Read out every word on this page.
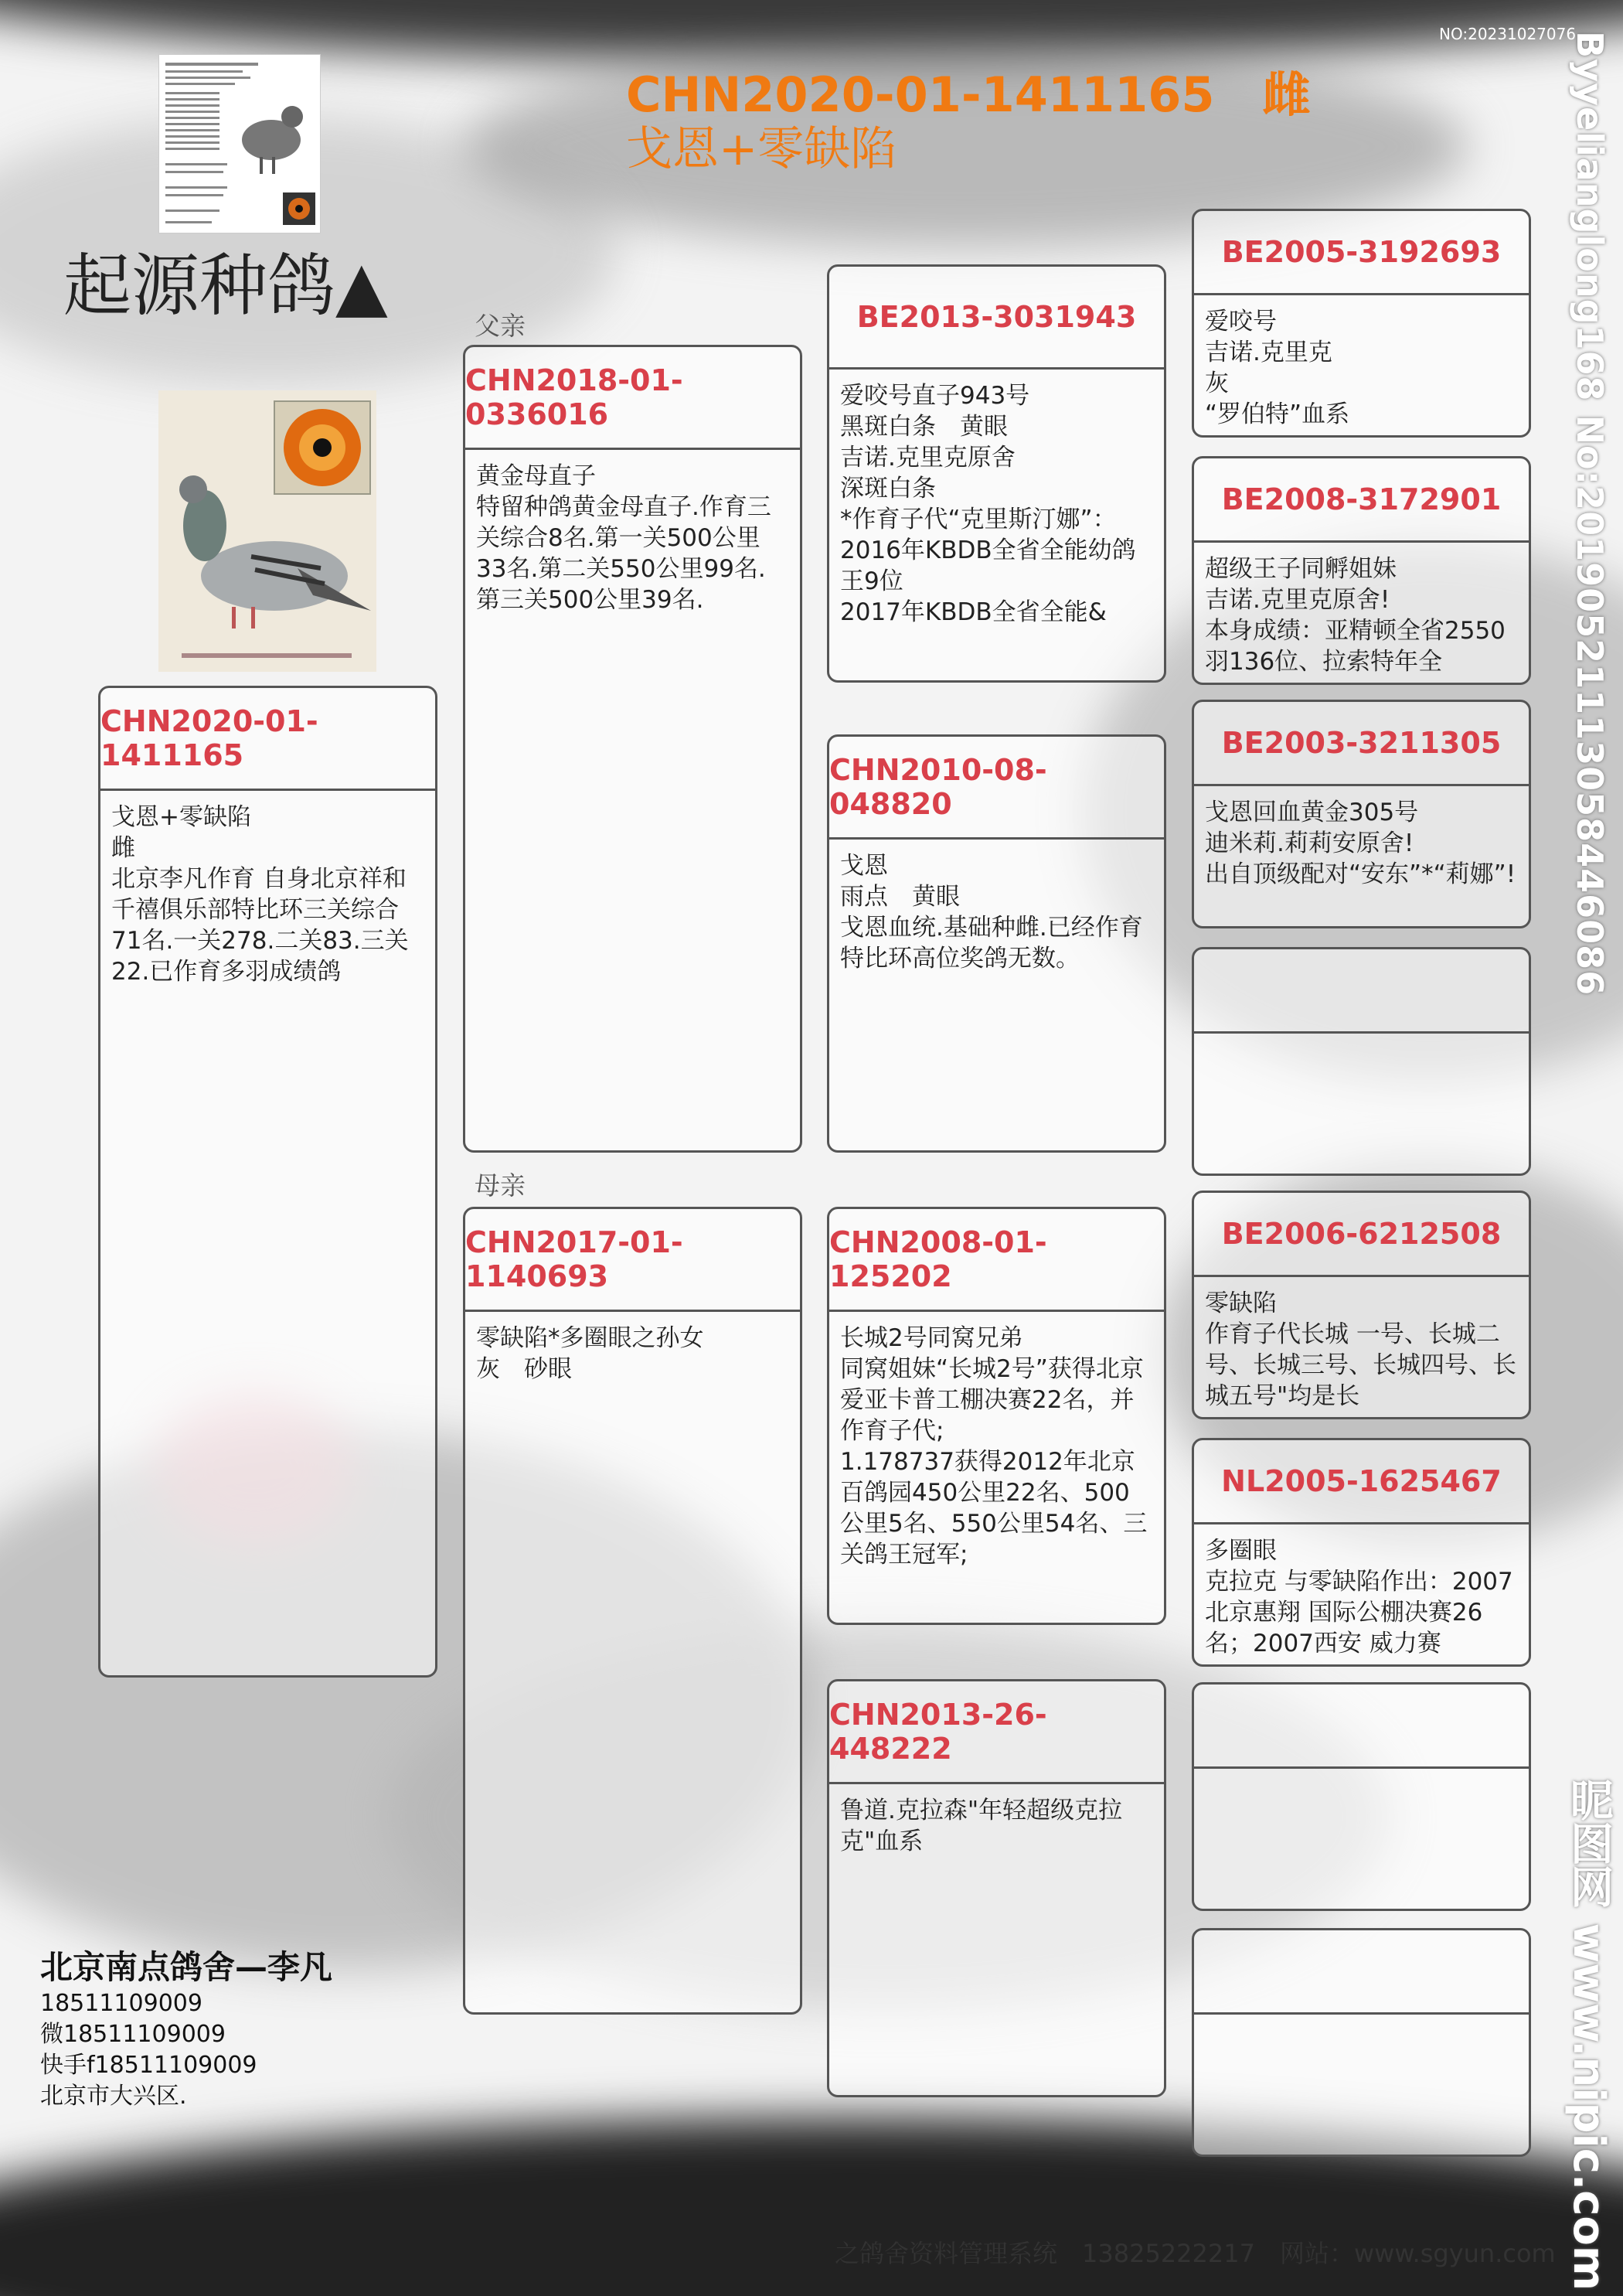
NO:20231027076
CHN2020-01-1411165　雌
戈恩+零缺陷
起源种鸽▲
父亲
母亲
CHN2020-01-1411165
戈恩+零缺陷
雌
北京李凡作育 自身北京祥和千禧俱乐部特比环三关综合71名.一关278.二关83.三关22.已作育多羽成绩鸽
CHN2018-01-0336016
黄金母直子
特留种鸽黄金母直子.作育三关综合8名.第一关500公里33名.第二关550公里99名.第三关500公里39名.
CHN2017-01-1140693
零缺陷*多圈眼之孙女
灰　砂眼
BE2013-3031943
爱咬号直子943号
黑斑白条　黄眼
吉诺.克里克原舍
深斑白条
*作育子代“克里斯汀娜”：2016年KBDB全省全能幼鸽王9位
2017年KBDB全省全能&
CHN2010-08-048820
戈恩
雨点　黄眼
戈恩血统.基础种雌.已经作育特比环高位奖鸽无数。
CHN2008-01-125202
长城2号同窝兄弟
同窝姐妹“长城2号”获得北京爱亚卡普工棚决赛22名，并作育子代;
1.178737获得2012年北京百鸽园450公里22名、500公里5名、550公里54名、三关鸽王冠军;
CHN2013-26-448222
鲁道.克拉森"年轻超级克拉克"血系
BE2005-3192693
爱咬号
吉诺.克里克
灰
“罗伯特”血系
BE2008-3172901
超级王子同孵姐妹
吉诺.克里克原舍!
本身成绩：亚精顿全省2550羽136位、拉索特年全
BE2003-3211305
戈恩回血黄金305号
迪米莉.莉莉安原舍!
出自顶级配对“安东”*“莉娜”!
BE2006-6212508
零缺陷
作育子代长城 一号、长城二 号、长城三号、长城四号、长 城五号"均是长
NL2005-1625467
多圈眼
克拉克 与零缺陷作出：2007北京惠翔 国际公棚决赛26名；2007西安 威力赛
北京南点鸽舍—李凡
18511109009
微18511109009
快手f18511109009
北京市大兴区.
之鸽舍资料管理系统　13825222217　网站：www.sgyun.com
Byyelianglong168 No:20190521113058446086
昵图网 www.nipic.com
